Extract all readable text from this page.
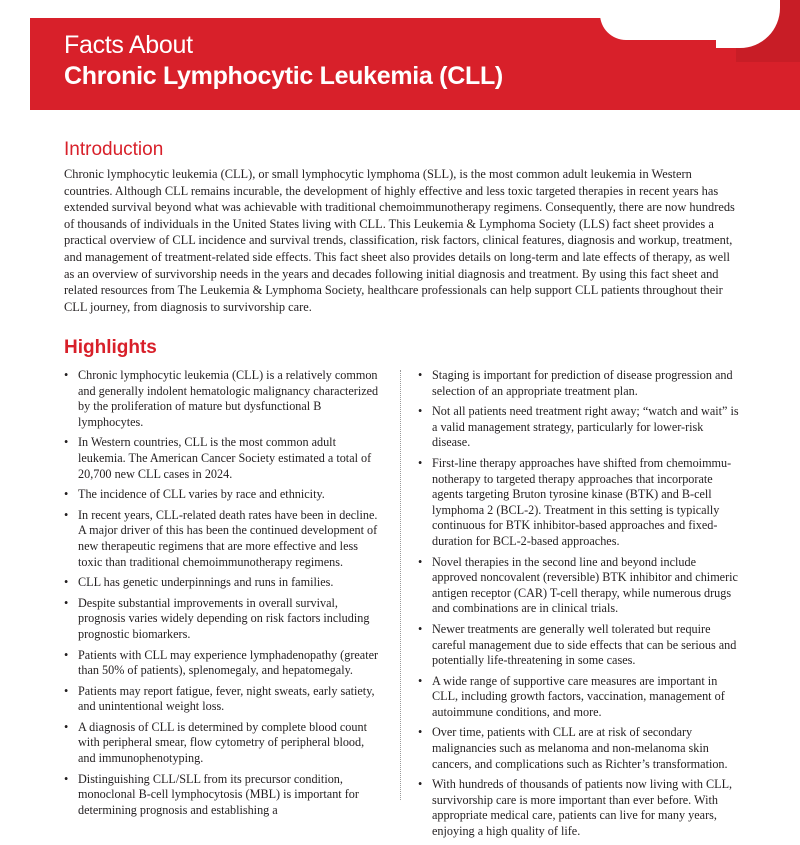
Facts About
Chronic Lymphocytic Leukemia (CLL)
Introduction
Chronic lymphocytic leukemia (CLL), or small lymphocytic lymphoma (SLL), is the most common adult leukemia in Western countries. Although CLL remains incurable, the development of highly effective and less toxic targeted therapies in recent years has extended survival beyond what was achievable with traditional chemoimmunotherapy regimens. Consequently, there are now hundreds of thousands of individuals in the United States living with CLL. This Leukemia & Lymphoma Society (LLS) fact sheet provides a practical overview of CLL incidence and survival trends, classification, risk factors, clinical features, diagnosis and workup, treatment, and management of treatment-related side effects. This fact sheet also provides details on long-term and late effects of therapy, as well as an overview of survivorship needs in the years and decades following initial diagnosis and treatment. By using this fact sheet and related resources from The Leukemia & Lymphoma Society, healthcare professionals can help support CLL patients throughout their CLL journey, from diagnosis to survivorship care.
Highlights
• Chronic lymphocytic leukemia (CLL) is a relatively common and generally indolent hematologic malignancy characterized by the proliferation of mature but dysfunctional B lymphocytes.
• In Western countries, CLL is the most common adult leukemia. The American Cancer Society estimated a total of 20,700 new CLL cases in 2024.
• The incidence of CLL varies by race and ethnicity.
• In recent years, CLL-related death rates have been in decline. A major driver of this has been the continued development of new therapeutic regimens that are more effective and less toxic than traditional chemoimmunotherapy regimens.
• CLL has genetic underpinnings and runs in families.
• Despite substantial improvements in overall survival, prognosis varies widely depending on risk factors including prognostic biomarkers.
• Patients with CLL may experience lymphadenopathy (greater than 50% of patients), splenomegaly, and hepatomegaly.
• Patients may report fatigue, fever, night sweats, early satiety, and unintentional weight loss.
• A diagnosis of CLL is determined by complete blood count with peripheral smear, flow cytometry of peripheral blood, and immunophenotyping.
• Distinguishing CLL/SLL from its precursor condition, monoclonal B-cell lymphocytosis (MBL) is important for determining prognosis and establishing a
• Staging is important for prediction of disease progression and selection of an appropriate treatment plan.
• Not all patients need treatment right away; “watch and wait” is a valid management strategy, particularly for lower-risk disease.
• First-line therapy approaches have shifted from chemoimmu-notherapy to targeted therapy approaches that incorporate agents targeting Bruton tyrosine kinase (BTK) and B-cell lymphoma 2 (BCL-2). Treatment in this setting is typically continuous for BTK inhibitor-based approaches and fixed-duration for BCL-2-based approaches.
• Novel therapies in the second line and beyond include approved noncovalent (reversible) BTK inhibitor and chimeric antigen receptor (CAR) T-cell therapy, while numerous drugs and combinations are in clinical trials.
• Newer treatments are generally well tolerated but require careful management due to side effects that can be serious and potentially life-threatening in some cases.
• A wide range of supportive care measures are important in CLL, including growth factors, vaccination, management of autoimmune conditions, and more.
• Over time, patients with CLL are at risk of secondary malignancies such as melanoma and non-melanoma skin cancers, and complications such as Richter’s transformation.
• With hundreds of thousands of patients now living with CLL, survivorship care is more important than ever before. With appropriate medical care, patients can live for many years, enjoying a high quality of life.
